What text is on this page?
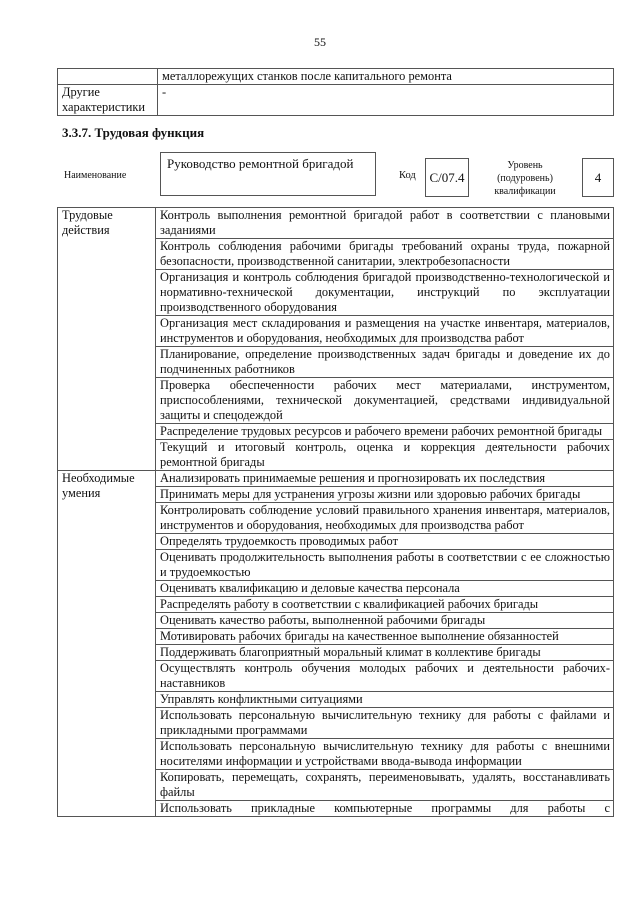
55
	металлорежущих станков после капитального ремонта
Другие характеристики	-
3.3.7. Трудовая функция
Наименование
Руководство ремонтной бригадой
Код	C/07.4
Уровень (подуровень) квалификации
4
Трудовые действия	Контроль выполнения ремонтной бригадой работ в соответствии с плановыми заданиями

	Контроль соблюдения рабочими бригады требований охраны труда, пожарной безопасности, производственной санитарии, электробезопасности

	Организация и контроль соблюдения бригадой производственно-технологической и нормативно-технической документации, инструкций по эксплуатации производственного оборудования

	Организация мест складирования и размещения на участке инвентаря, материалов, инструментов и оборудования, необходимых для производства работ

	Планирование, определение производственных задач бригады и доведение их до подчиненных работников

	Проверка обеспеченности рабочих мест материалами, инструментом, приспособлениями, технической документацией, средствами индивидуальной защиты и спецодеждой

	Распределение трудовых ресурсов и рабочего времени рабочих ремонтной бригады

	Текущий и итоговый контроль, оценка и коррекция деятельности рабочих ремонтной бригады

Необходимые умения	Анализировать принимаемые решения и прогнозировать их последствия

	Принимать меры для устранения угрозы жизни или здоровью рабочих бригады

	Контролировать соблюдение условий правильного хранения инвентаря, материалов, инструментов и оборудования, необходимых для производства работ

	Определять трудоемкость проводимых работ

	Оценивать продолжительность выполнения работы в соответствии с ее сложностью и трудоемкостью

	Оценивать квалификацию и деловые качества персонала

	Распределять работу в соответствии с квалификацией рабочих бригады

	Оценивать качество работы, выполненной рабочими бригады

	Мотивировать рабочих бригады на качественное выполнение обязанностей

	Поддерживать благоприятный моральный климат в коллективе бригады

	Осуществлять контроль обучения молодых рабочих и деятельности рабочих-наставников

	Управлять конфликтными ситуациями

	Использовать персональную вычислительную технику для работы с файлами и прикладными программами

	Использовать персональную вычислительную технику для работы с внешними носителями информации и устройствами ввода-вывода информации

	Копировать, перемещать, сохранять, переименовывать, удалять, восстанавливать файлы

	Использовать прикладные компьютерные программы для работы с
